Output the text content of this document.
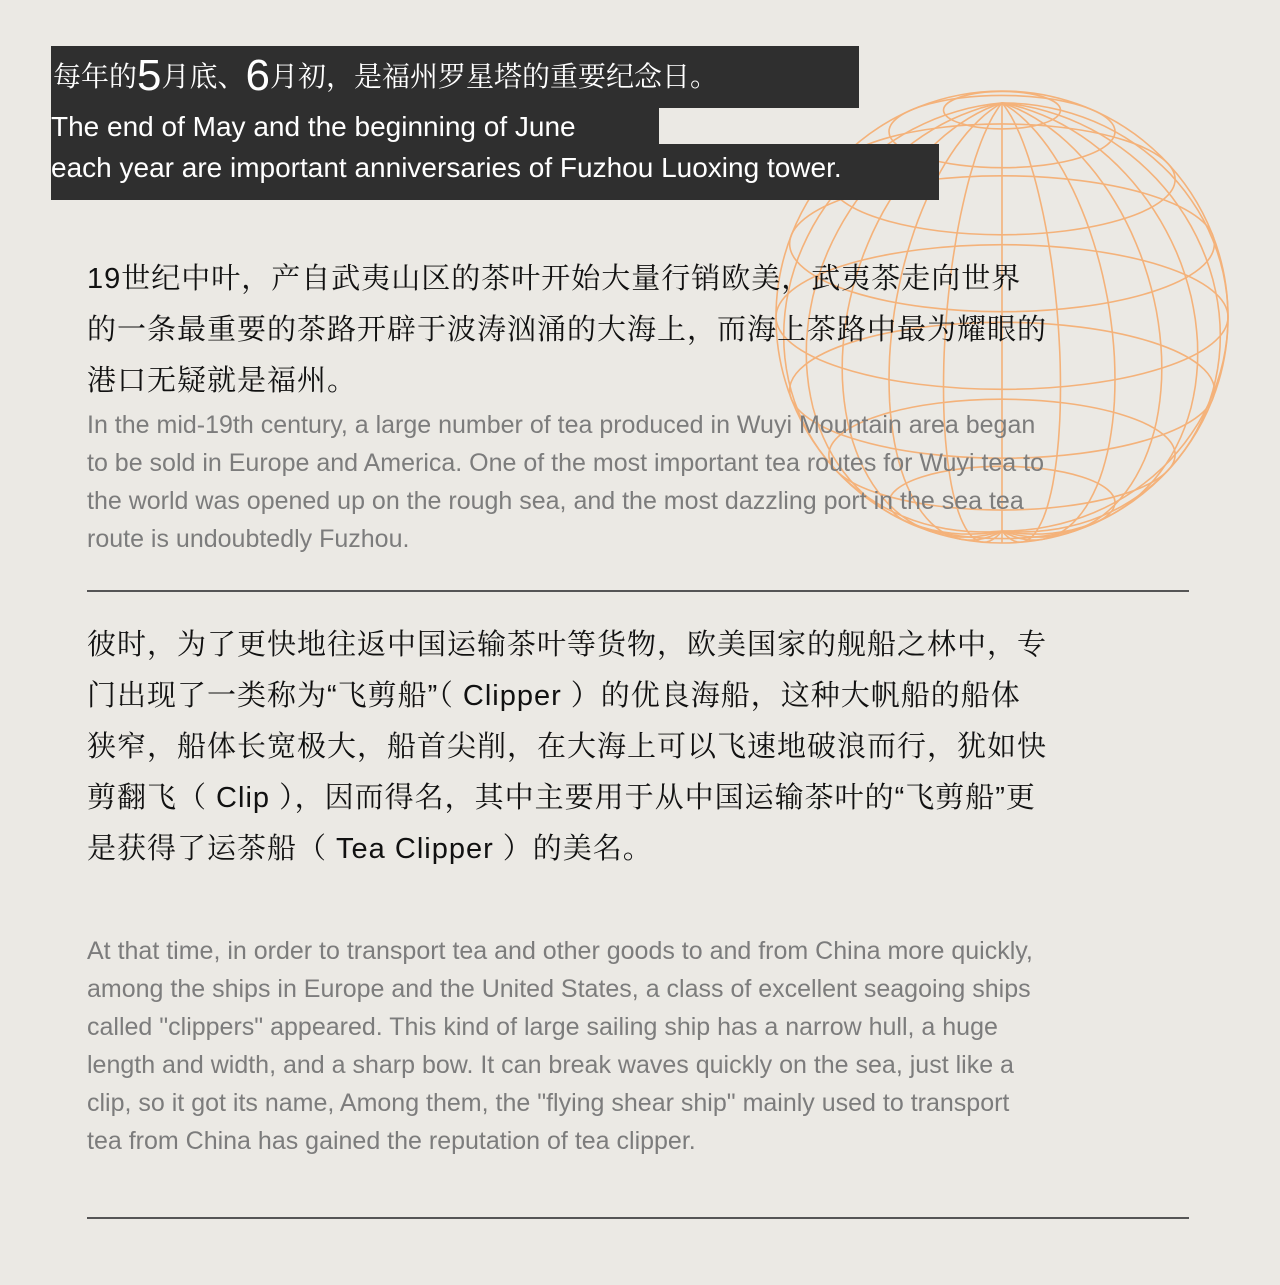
每年的5月底、6月初，是福州罗星塔的重要纪念日。
The end of May and the beginning of June
each year are important anniversaries of Fuzhou Luoxing tower.

19世纪中叶，产自武夷山区的茶叶开始大量行销欧美，武夷茶走向世界的一条最重要的茶路开辟于波涛汹涌的大海上，而海上茶路中最为耀眼的港口无疑就是福州。

In the mid-19th century, a large number of tea produced in Wuyi Mountain area began to be sold in Europe and America. One of the most important tea routes for Wuyi tea to the world was opened up on the rough sea, and the most dazzling port in the sea tea route is undoubtedly Fuzhou.

彼时，为了更快地往返中国运输茶叶等货物，欧美国家的舰船之林中，专门出现了一类称为“飞剪船”（ Clipper ）的优良海船，这种大帆船的船体狭窄，船体长宽极大，船首尖削，在大海上可以飞速地破浪而行，犹如快剪翻飞（ Clip ），因而得名，其中主要用于从中国运输茶叶的“飞剪船”更是获得了运茶船（ Tea Clipper ）的美名。

At that time, in order to transport tea and other goods to and from China more quickly, among the ships in Europe and the United States, a class of excellent seagoing ships called "clippers" appeared. This kind of large sailing ship has a narrow hull, a huge length and width, and a sharp bow. It can break waves quickly on the sea, just like a clip, so it got its name, Among them, the "flying shear ship" mainly used to transport tea from China has gained the reputation of tea clipper.
